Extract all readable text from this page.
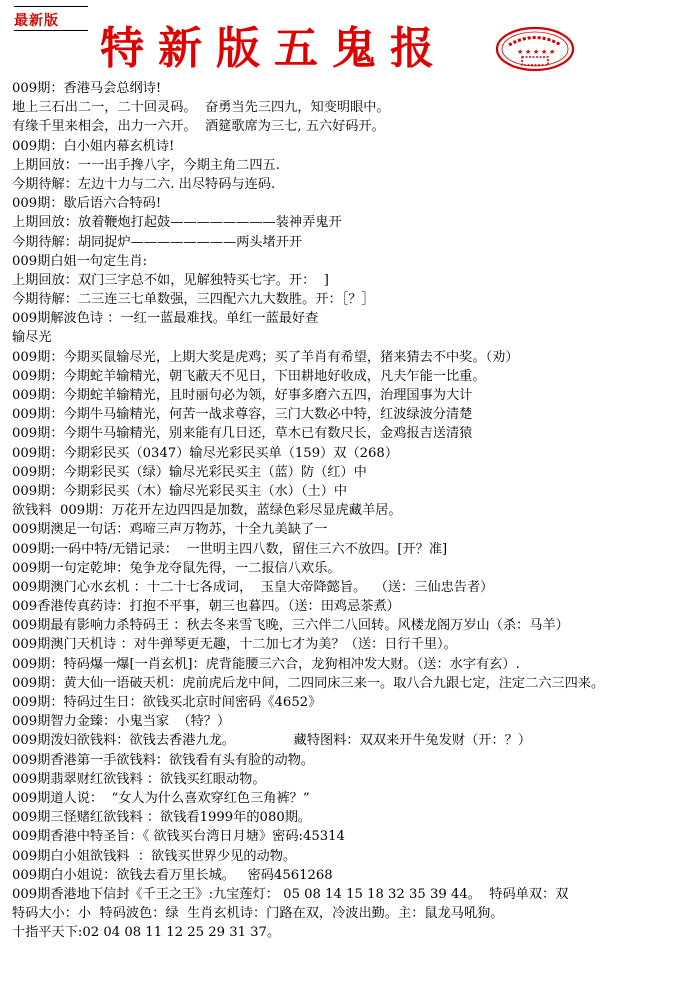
最新版
特新版五鬼报	★ ★ ★ ★ ★
009期：香港马会总纲诗!
地上三石出二一，二十回灵码。  奋勇当先三四九，知变明眼中。
有缘千里来相会，出力一六开。  酒筵歌席为三七, 五六好码开。
009期：白小姐内幕玄机诗!
上期回放：一一出手搀八字，今期主角二四五.
今期待解：左边十力与二六. 出尽特码与连码.
009期：歇后语六合特码!
上期回放：放着鞭炮打起鼓————————装神弄鬼开
今期待解：胡同捉炉————————两头堵开开
009期白姐一句定生肖:
上期回放：双门三字总不如，见解独特买七字。开：  ]
今期待解：二三连三七单数强，三四配六九大数胜。开：［？］
009期解波色诗 ：一红一蓝最难找。单红一蓝最好查
输尽光
009期：今期买鼠输尽光，上期大奖是虎鸡；买了羊肖有希望，猪来猜去不中奖。（劝）
009期：今期蛇羊输精光，朝飞蔽天不见日，下田耕地好收成，凡夫乍能一比重。
009期：今期蛇羊输精光，且时丽句必为领，好事多磨六五四，治理国事为大计
009期：今期牛马输精光，何苦一战求尊容，三门大数必中特，红波绿波分清楚
009期：今期牛马输精光，别来能有几日还，草木已有数尺长，金鸡报吉送清猿
009期：今期彩民买（0347）输尽光彩民买单（159）双（268）
009期：今期彩民买（绿）输尽光彩民买主（蓝）防（红）中
009期：今期彩民买（木）输尽光彩民买主（水）（土）中
欲钱料  009期：万花开左边四四是加数，蓝绿色彩尽显虎藏羊居。
009期澳足一句话：鸡啼三声万物苏，十全九美缺了一
009期:一码中特/无错记录：  一世明主四八数，留住三六不放四。[开？准]
009期一句定乾坤：兔争龙夺鼠先得，一二报信八欢乐。
009期澳门心水玄机 ：十二十七各成词，  玉皇大帝降懿旨。  （送：三仙忠告者）
009香港传真药诗：打抱不平事，朝三也暮四。（送：田鸡忌茶煮）
009期最有影响力杀特码王 ：秋去冬来雪飞晚，三六伴二八回转。风楼龙阁万岁山（杀：马羊）
009期澳门天机诗 ：对牛弹琴更无趣，十二加七才为美？（送：日行千里）。
009期：特码爆一爆[一肖玄机]：虎背能腰三六合，龙狗相冲发大财。（送：水字有玄）.
009期：黄大仙一语破天机：虎前虎后龙中间，二四同床三来一。取八合九跟七定，注定二六三四来。
009期：特码过生日：欲钱买北京时间密码《4652》
009期智力金臻：小鬼当家  （特？）
009期泼妇欲钱料：欲钱去香港九龙。              藏特图料：双双来开牛兔发财（开：？）
009期香港第一手欲钱料：欲钱看有头有脸的动物。
009期翡翠财红欲钱料 ：欲钱买红眼动物。
009期道人说：  “女人为什么喜欢穿红色三角裤？”
009期三怪赌红欲钱料 ：欲钱看1999年的080期。
009期香港中特圣旨：《 欲钱买台湾日月塘》密码:45314
009期白小姐欲钱料  ：欲钱买世界少见的动物。
009期白小姐说：欲钱去看万里长城。   密码4561268
009期香港地下信封《千王之王》:九宝莲灯： 05 08 14 15 18 32 35 39 44。  特码单双：双
特码大小：小  特码波色：绿  生肖玄机诗：门路在双，冷波出勤。主：鼠龙马吼狗。
十指平天下:02 04 08 11 12 25 29 31 37。
